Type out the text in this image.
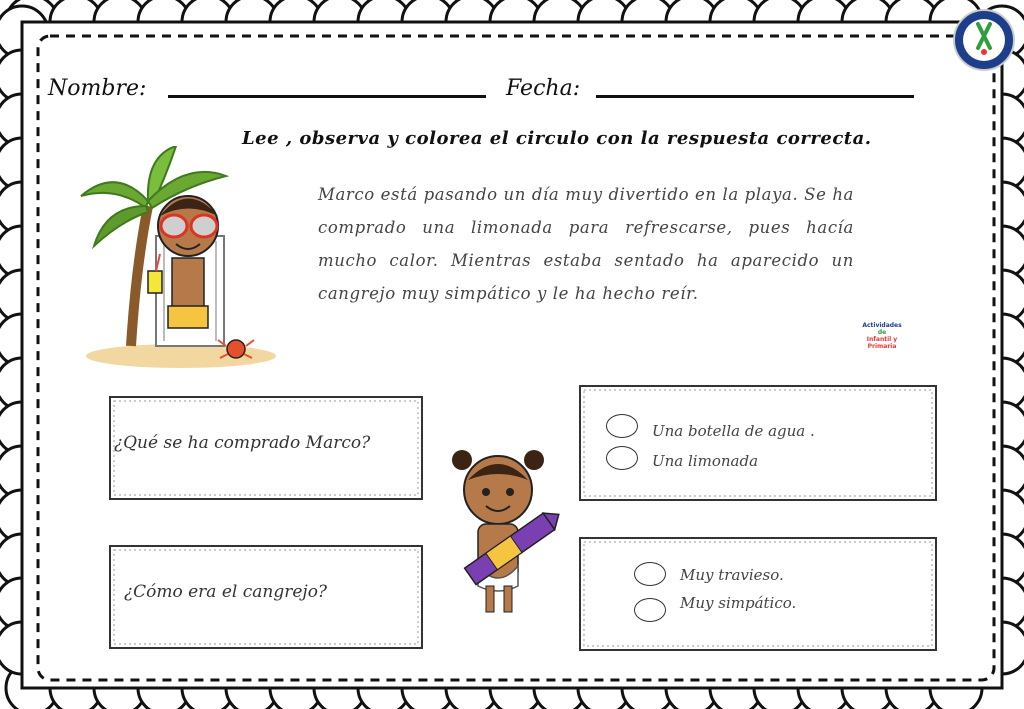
Nombre:	Fecha:
Lee , observa y colorea el circulo con la respuesta correcta.
Marco está pasando un día muy divertido en la playa. Se ha comprado una limonada para refrescarse, pues hacía mucho calor. Mientras estaba sentado ha aparecido un cangrejo muy simpático y le ha hecho reír.
Actividades
de
Infantil y Primaria
¿Qué se ha comprado Marco?
¿Cómo era el cangrejo?
Una botella de agua .
Una limonada
Muy travieso.
Muy simpático.
